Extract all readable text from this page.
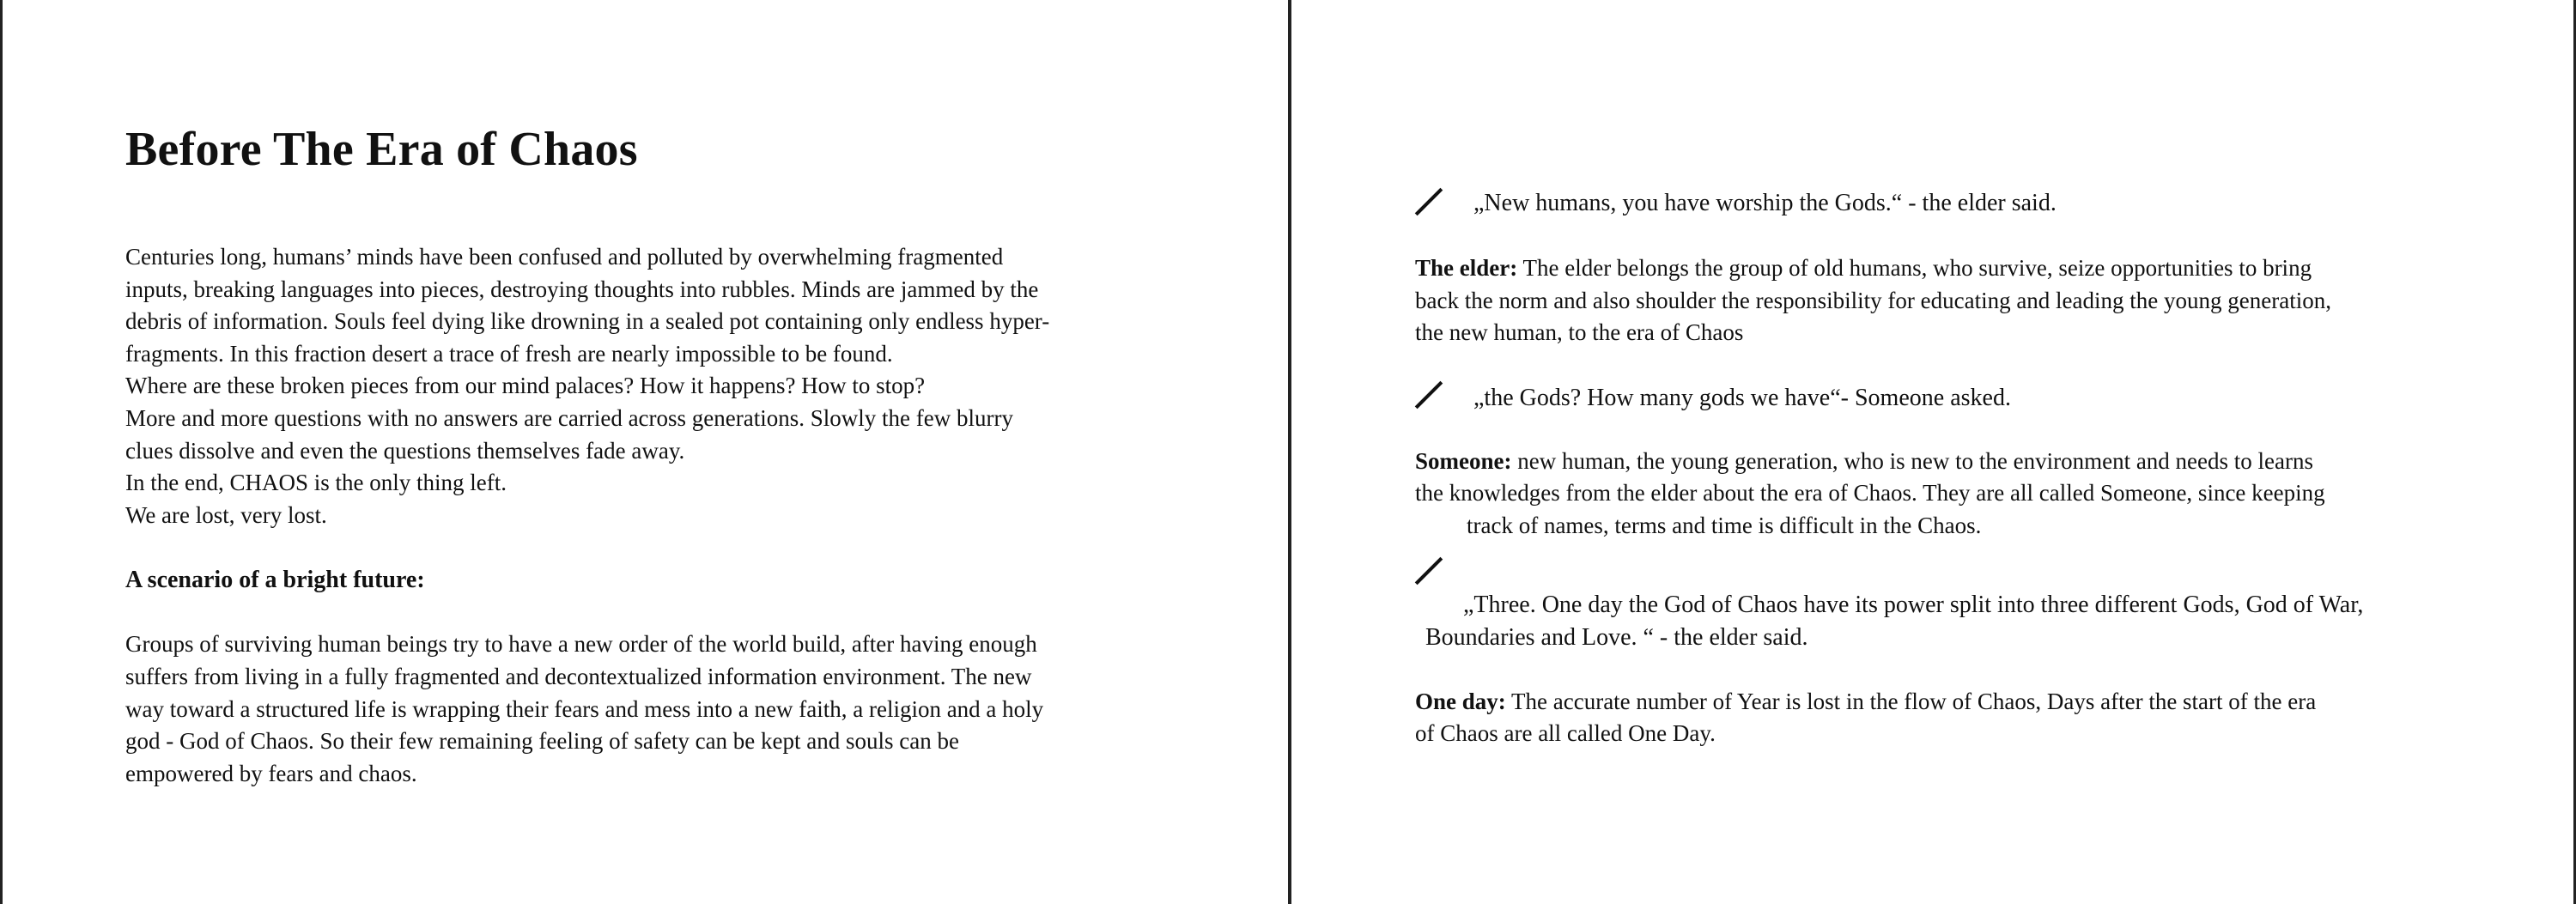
Before The Era of Chaos

Centuries long, humans’ minds have been confused and polluted by overwhelming fragmented
inputs, breaking languages into pieces, destroying thoughts into rubbles. Minds are jammed by the
debris of information. Souls feel dying like drowning in a sealed pot containing only endless hyper-
fragments. In this fraction desert a trace of fresh are nearly impossible to be found.
Where are these broken pieces from our mind palaces? How it happens? How to stop?
More and more questions with no answers are carried across generations. Slowly the few blurry
clues dissolve and even the questions themselves fade away.
In the end, CHAOS is the only thing left.
We are lost, very lost.

A scenario of a bright future:

Groups of surviving human beings try to have a new order of the world build, after having enough
suffers from living in a fully fragmented and decontextualized information environment. The new
way toward a structured life is wrapping their fears and mess into a new faith, a religion and a holy
god - God of Chaos. So their few remaining feeling of safety can be kept and souls can be
empowered by fears and chaos.

„New humans, you have worship the Gods.“ - the elder said.
The elder: The elder belongs the group of old humans, who survive, seize opportunities to bring
back the norm and also shoulder the responsibility for educating and leading the young generation,
the new human, to the era of Chaos
„the Gods? How many gods we have“- Someone asked.
Someone: new human, the young generation, who is new to the environment and needs to learns
the knowledges from the elder about the era of Chaos. They are all called Someone, since keeping
track of names, terms and time is difficult in the Chaos.
„Three. One day the God of Chaos have its power split into three different Gods, God of War,
Boundaries and Love. “ - the elder said.
One day: The accurate number of Year is lost in the flow of Chaos, Days after the start of the era
of Chaos are all called One Day.
